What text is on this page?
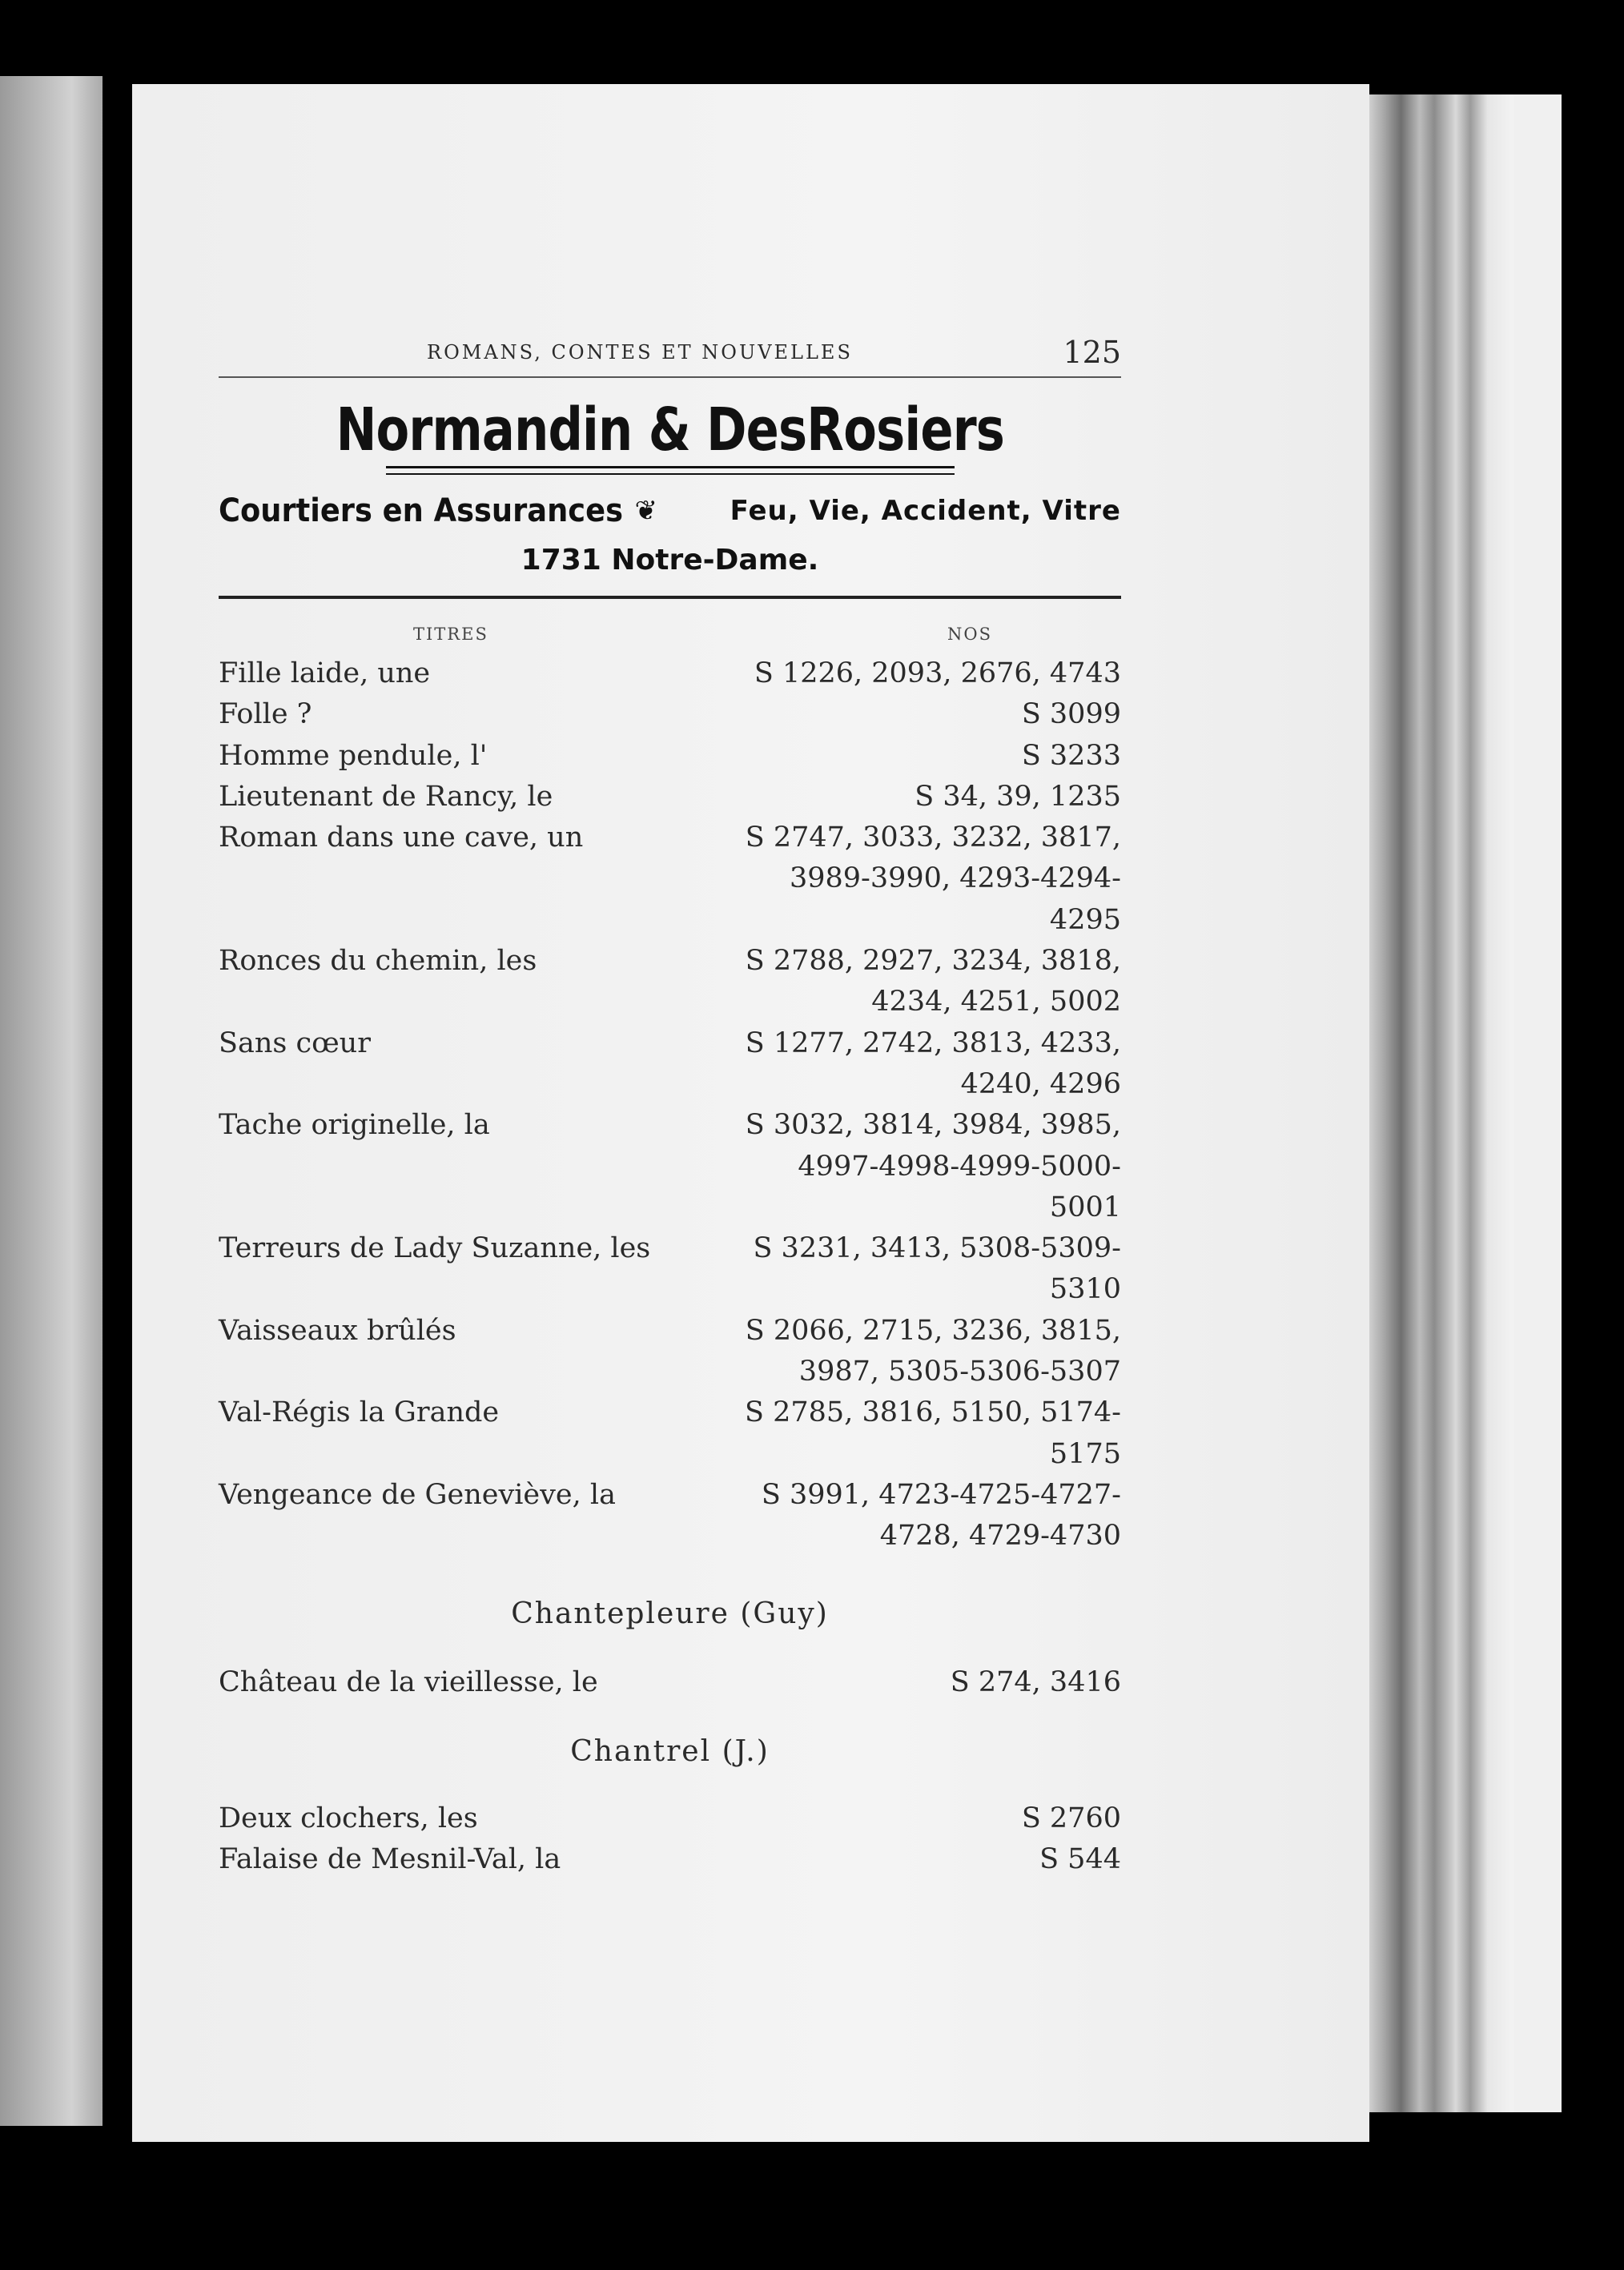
ROMANS, CONTES ET NOUVELLES	125
Normandin & DesRosiers
Courtiers en Assurances ❦	Feu, Vie, Accident, Vitre
1731 Notre-Dame.
TITRES	NOS
Fille laide, une	S 1226, 2093, 2676, 4743
Folle ?	S 3099
Homme pendule, l'	S 3233
Lieutenant de Rancy, le	S 34, 39, 1235
Roman dans une cave, un	S 2747, 3033, 3232, 3817,
3989-3990, 4293-4294-
4295
Ronces du chemin, les	S 2788, 2927, 3234, 3818,
4234, 4251, 5002
Sans cœur	S 1277, 2742, 3813, 4233,
4240, 4296
Tache originelle, la	S 3032, 3814, 3984, 3985,
4997-4998-4999-5000-
5001
Terreurs de Lady Suzanne, les	S 3231, 3413, 5308-5309-
5310
Vaisseaux brûlés	S 2066, 2715, 3236, 3815,
3987, 5305-5306-5307
Val-Régis la Grande	S 2785, 3816, 5150, 5174-
5175
Vengeance de Geneviève, la	S 3991, 4723-4725-4727-
4728, 4729-4730
Chantepleure (Guy)
Château de la vieillesse, le	S 274, 3416
Chantrel (J.)
Deux clochers, les	S 2760
Falaise de Mesnil-Val, la	S 544
